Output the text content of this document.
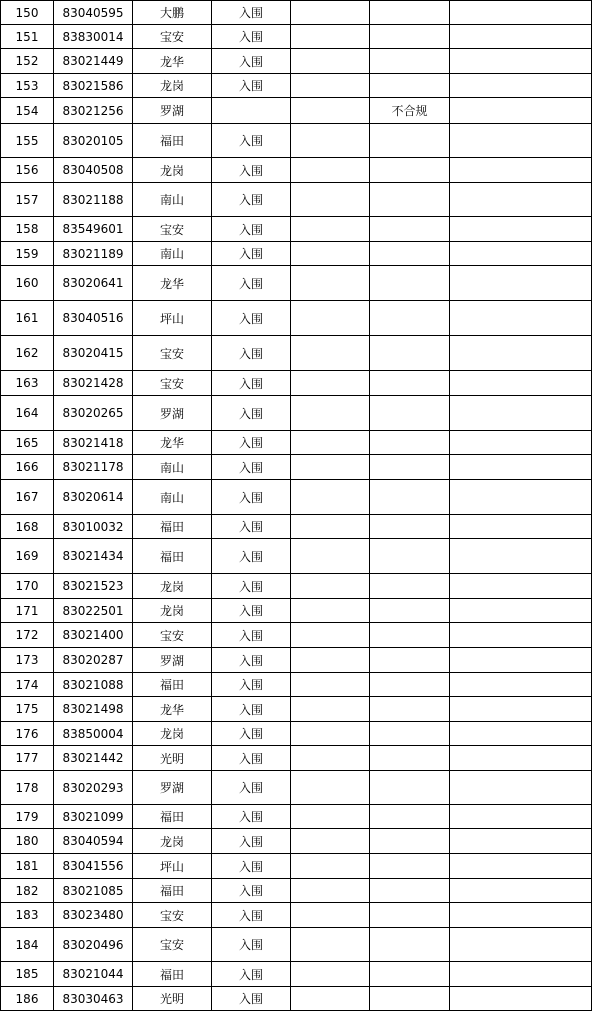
150	83040595	大鹏	入围			
151	83830014	宝安	入围			
152	83021449	龙华	入围			
153	83021586	龙岗	入围			
154	83021256	罗湖			不合规	
155	83020105	福田	入围			
156	83040508	龙岗	入围			
157	83021188	南山	入围			
158	83549601	宝安	入围			
159	83021189	南山	入围			
160	83020641	龙华	入围			
161	83040516	坪山	入围			
162	83020415	宝安	入围			
163	83021428	宝安	入围			
164	83020265	罗湖	入围			
165	83021418	龙华	入围			
166	83021178	南山	入围			
167	83020614	南山	入围			
168	83010032	福田	入围			
169	83021434	福田	入围			
170	83021523	龙岗	入围			
171	83022501	龙岗	入围			
172	83021400	宝安	入围			
173	83020287	罗湖	入围			
174	83021088	福田	入围			
175	83021498	龙华	入围			
176	83850004	龙岗	入围			
177	83021442	光明	入围			
178	83020293	罗湖	入围			
179	83021099	福田	入围			
180	83040594	龙岗	入围			
181	83041556	坪山	入围			
182	83021085	福田	入围			
183	83023480	宝安	入围			
184	83020496	宝安	入围			
185	83021044	福田	入围			
186	83030463	光明	入围			
